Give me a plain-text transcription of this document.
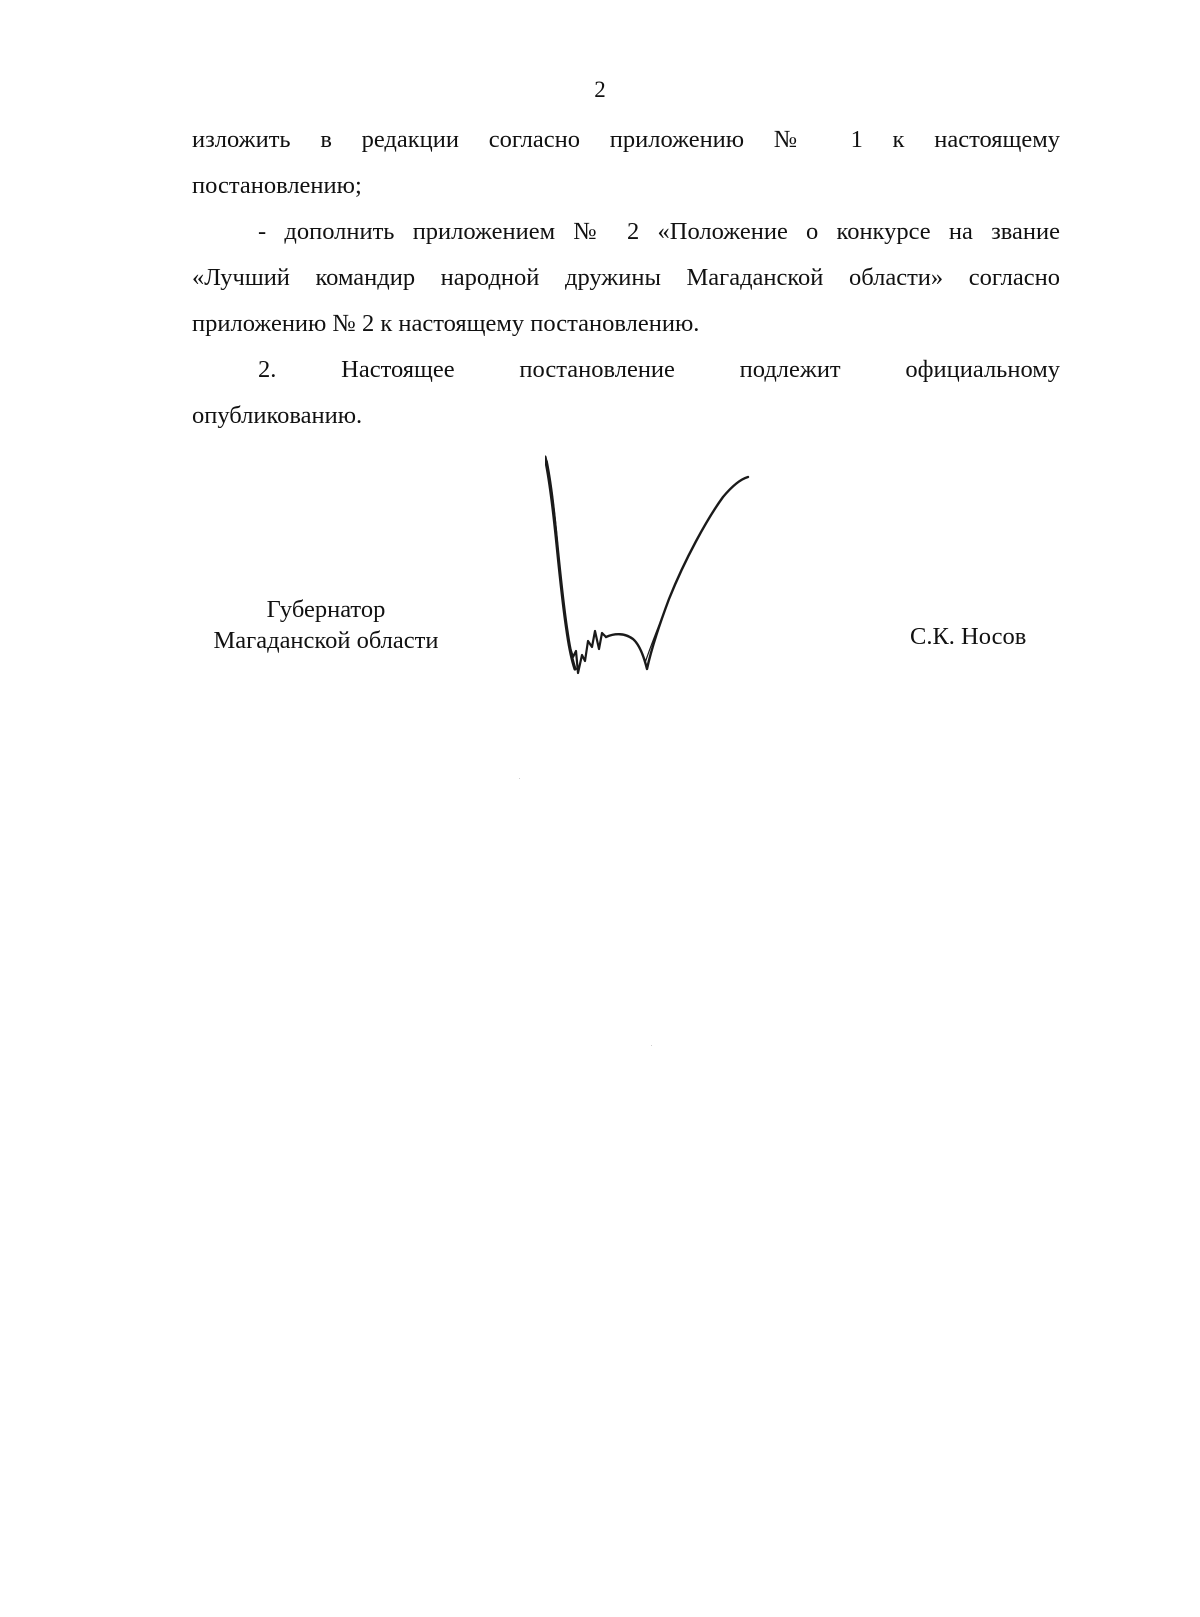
2

изложить в редакции согласно приложению № 1 к настоящему
постановлению;

- дополнить приложением № 2 «Положение о конкурсе на звание
«Лучший командир народной дружины Магаданской области» согласно
приложению № 2 к настоящему постановлению.

2. Настоящее постановление подлежит официальному
опубликованию.

Губернатор
Магаданской области	С.К. Носов
